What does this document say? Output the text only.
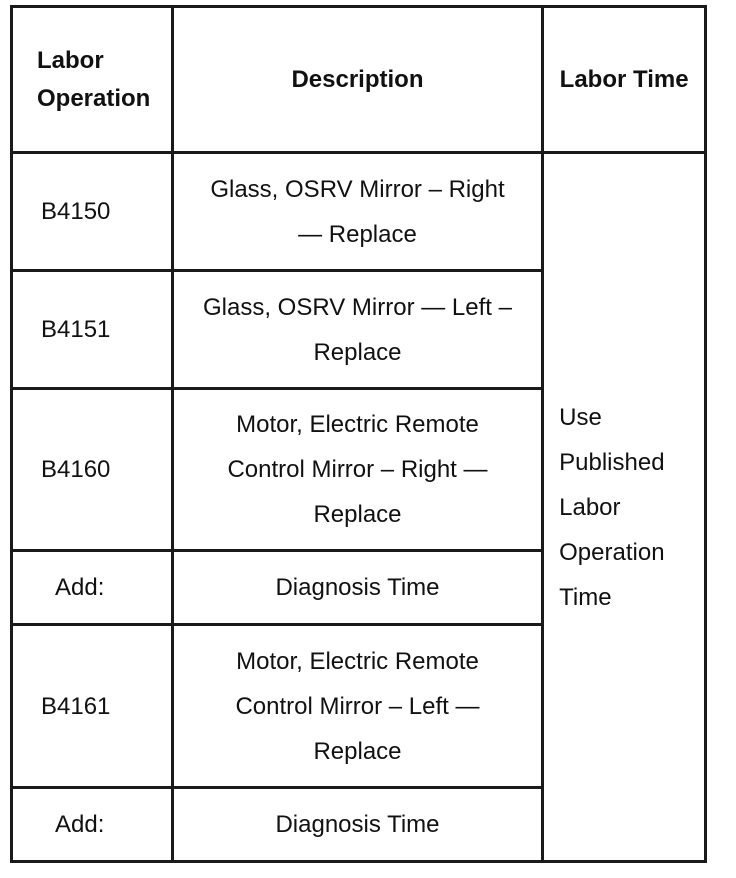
Labor Operation	Description	Labor Time
B4150	Glass, OSRV Mirror – Right — Replace	Use Published Labor Operation Time
B4151	Glass, OSRV Mirror — Left – Replace	
B4160	Motor, Electric Remote Control Mirror – Right — Replace	
Add:	Diagnosis Time	
B4161	Motor, Electric Remote Control Mirror – Left — Replace	
Add:	Diagnosis Time	
